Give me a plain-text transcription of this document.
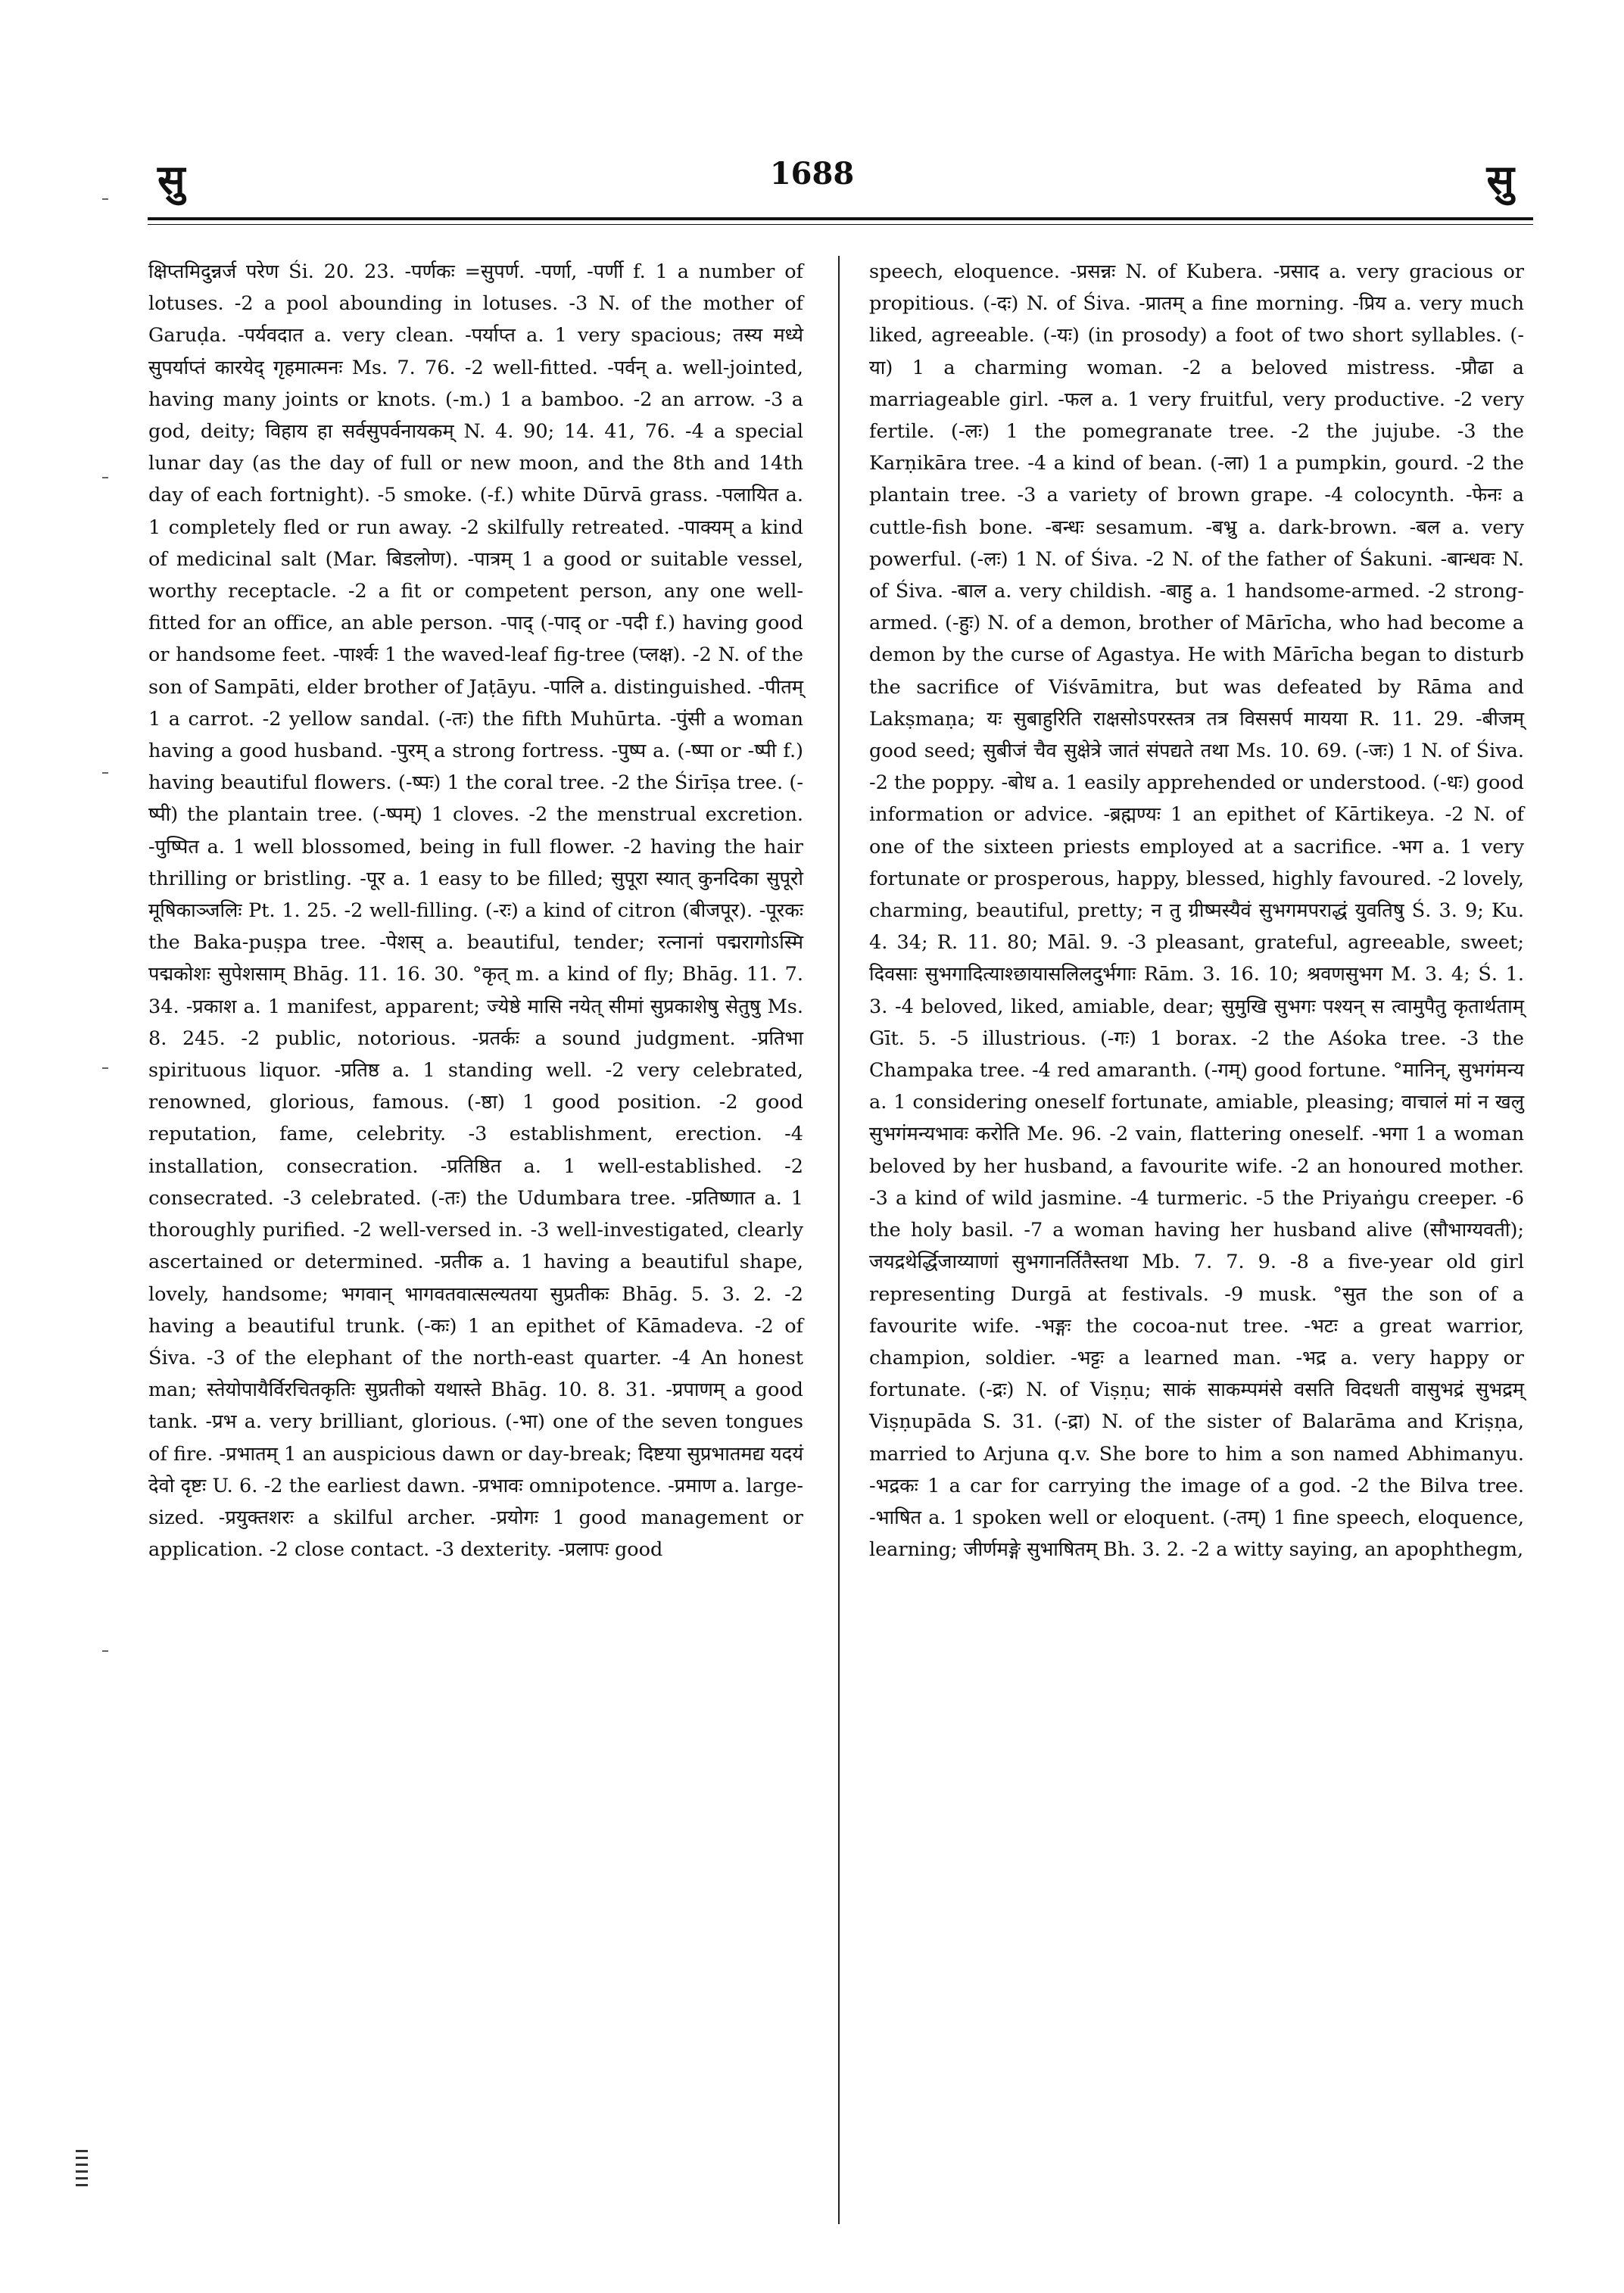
सु	1688	सु
क्षिप्तमिदुन्नर्ज परेण Śi. 20. 23. -पर्णकः =सुपर्ण. -पर्णा, -पर्णी f. 1 a number of lotuses. -2 a pool abounding in lotuses. -3 N. of the mother of Garuḍa. -पर्यवदात a. very clean. -पर्याप्त a. 1 very spacious; तस्य मध्ये सुपर्याप्तं कारयेद् गृहमात्मनः Ms. 7. 76. -2 well-fitted. -पर्वन् a. well-jointed, having many joints or knots. (-m.) 1 a bamboo. -2 an arrow. -3 a god, deity; विहाय हा सर्वसुपर्वनायकम् N. 4. 90; 14. 41, 76. -4 a special lunar day (as the day of full or new moon, and the 8th and 14th day of each fortnight). -5 smoke. (-f.) white Dūrvā grass. -पलायित a. 1 completely fled or run away. -2 skilfully retreated. -पाक्यम् a kind of medicinal salt (Mar. बिडलोण). -पात्रम् 1 a good or suitable vessel, worthy receptacle. -2 a fit or competent person, any one well-fitted for an office, an able person. -पाद् (-पाद् or -पदी f.) having good or handsome feet. -पार्श्वः 1 the waved-leaf fig-tree (प्लक्ष). -2 N. of the son of Sampāti, elder brother of Jaṭāyu. -पालि a. distinguished. -पीतम् 1 a carrot. -2 yellow sandal. (-तः) the fifth Muhūrta. -पुंसी a woman having a good husband. -पुरम् a strong fortress. -पुष्प a. (-ष्पा or -ष्पी f.) having beautiful flowers. (-ष्पः) 1 the coral tree. -2 the Śirīṣa tree. (-ष्पी) the plantain tree. (-ष्पम्) 1 cloves. -2 the menstrual excretion. -पुष्पित a. 1 well blossomed, being in full flower. -2 having the hair thrilling or bristling. -पूर a. 1 easy to be filled; सुपूरा स्यात् कुनदिका सुपूरो मूषिकाञ्जलिः Pt. 1. 25. -2 well-filling. (-रः) a kind of citron (बीजपूर). -पूरकः the Baka-puṣpa tree. -पेशस् a. beautiful, tender; रत्नानां पद्मरागोऽस्मि पद्मकोशः सुपेशसाम् Bhāg. 11. 16. 30. °कृत् m. a kind of fly; Bhāg. 11. 7. 34. -प्रकाश a. 1 manifest, apparent; ज्येष्ठे मासि नयेत् सीमां सुप्रकाशेषु सेतुषु Ms. 8. 245. -2 public, notorious. -प्रतर्कः a sound judgment. -प्रतिभा spirituous liquor. -प्रतिष्ठ a. 1 standing well. -2 very celebrated, renowned, glorious, famous. (-ष्ठा) 1 good position. -2 good reputation, fame, celebrity. -3 establishment, erection. -4 installation, consecration. -प्रतिष्ठित a. 1 well-established. -2 consecrated. -3 celebrated. (-तः) the Udumbara tree. -प्रतिष्णात a. 1 thoroughly purified. -2 well-versed in. -3 well-investigated, clearly ascertained or determined. -प्रतीक a. 1 having a beautiful shape, lovely, handsome; भगवान् भागवतवात्सल्यतया सुप्रतीकः Bhāg. 5. 3. 2. -2 having a beautiful trunk. (-कः) 1 an epithet of Kāmadeva. -2 of Śiva. -3 of the elephant of the north-east quarter. -4 An honest man; स्तेयोपायैर्विरचितकृतिः सुप्रतीको यथास्ते Bhāg. 10. 8. 31. -प्रपाणम् a good tank. -प्रभ a. very brilliant, glorious. (-भा) one of the seven tongues of fire. -प्रभातम् 1 an auspicious dawn or day-break; दिष्टया सुप्रभातमद्य यदयं देवो दृष्टः U. 6. -2 the earliest dawn. -प्रभावः omnipotence. -प्रमाण a. large-sized. -प्रयुक्तशरः a skilful archer. -प्रयोगः 1 good management or application. -2 close contact. -3 dexterity. -प्रलापः good
speech, eloquence. -प्रसन्नः N. of Kubera. -प्रसाद a. very gracious or propitious. (-दः) N. of Śiva. -प्रातम् a fine morning. -प्रिय a. very much liked, agreeable. (-यः) (in prosody) a foot of two short syllables. (-या) 1 a charming woman. -2 a beloved mistress. -प्रौढा a marriageable girl. -फल a. 1 very fruitful, very productive. -2 very fertile. (-लः) 1 the pomegranate tree. -2 the jujube. -3 the Karṇikāra tree. -4 a kind of bean. (-ला) 1 a pumpkin, gourd. -2 the plantain tree. -3 a variety of brown grape. -4 colocynth. -फेनः a cuttle-fish bone. -बन्धः sesamum. -बभ्रु a. dark-brown. -बल a. very powerful. (-लः) 1 N. of Śiva. -2 N. of the father of Śakuni. -बान्धवः N. of Śiva. -बाल a. very childish. -बाहु a. 1 handsome-armed. -2 strong-armed. (-हुः) N. of a demon, brother of Mārīcha, who had become a demon by the curse of Agastya. He with Mārīcha began to disturb the sacrifice of Viśvāmitra, but was defeated by Rāma and Lakṣmaṇa; यः सुबाहुरिति राक्षसोऽपरस्तत्र तत्र विससर्प मायया R. 11. 29. -बीजम् good seed; सुबीजं चैव सुक्षेत्रे जातं संपद्यते तथा Ms. 10. 69. (-जः) 1 N. of Śiva. -2 the poppy. -बोध a. 1 easily apprehended or understood. (-धः) good information or advice. -ब्रह्मण्यः 1 an epithet of Kārtikeya. -2 N. of one of the sixteen priests employed at a sacrifice. -भग a. 1 very fortunate or prosperous, happy, blessed, highly favoured. -2 lovely, charming, beautiful, pretty; न तु ग्रीष्मस्यैवं सुभगमपराद्धं युवतिषु Ś. 3. 9; Ku. 4. 34; R. 11. 80; Māl. 9. -3 pleasant, grateful, agreeable, sweet; दिवसाः सुभगादित्याश्छायासलिलदुर्भगाः Rām. 3. 16. 10; श्रवणसुभग M. 3. 4; Ś. 1. 3. -4 beloved, liked, amiable, dear; सुमुखि सुभगः पश्यन् स त्वामुपैतु कृतार्थताम् Gīt. 5. -5 illustrious. (-गः) 1 borax. -2 the Aśoka tree. -3 the Champaka tree. -4 red amaranth. (-गम्) good fortune. °मानिन्, सुभगंमन्य a. 1 considering oneself fortunate, amiable, pleasing; वाचालं मां न खलु सुभगंमन्यभावः करोति Me. 96. -2 vain, flattering oneself. -भगा 1 a woman beloved by her husband, a favourite wife. -2 an honoured mother. -3 a kind of wild jasmine. -4 turmeric. -5 the Priyaṅgu creeper. -6 the holy basil. -7 a woman having her husband alive (सौभाग्यवती); जयद्रथेर्द्धिजाय्याणां सुभगानर्तितैस्तथा Mb. 7. 7. 9. -8 a five-year old girl representing Durgā at festivals. -9 musk. °सुत the son of a favourite wife. -भङ्गः the cocoa-nut tree. -भटः a great warrior, champion, soldier. -भट्टः a learned man. -भद्र a. very happy or fortunate. (-द्रः) N. of Viṣṇu; साकं साकम्पमंसे वसति विदधती वासुभद्रं सुभद्रम् Viṣṇupāda S. 31. (-द्रा) N. of the sister of Balarāma and Kriṣṇa, married to Arjuna q.v. She bore to him a son named Abhimanyu. -भद्रकः 1 a car for carrying the image of a god. -2 the Bilva tree. -भाषित a. 1 spoken well or eloquent. (-तम्) 1 fine speech, eloquence, learning; जीर्णमङ्गे सुभाषितम् Bh. 3. 2. -2 a witty saying, an apophthegm,
